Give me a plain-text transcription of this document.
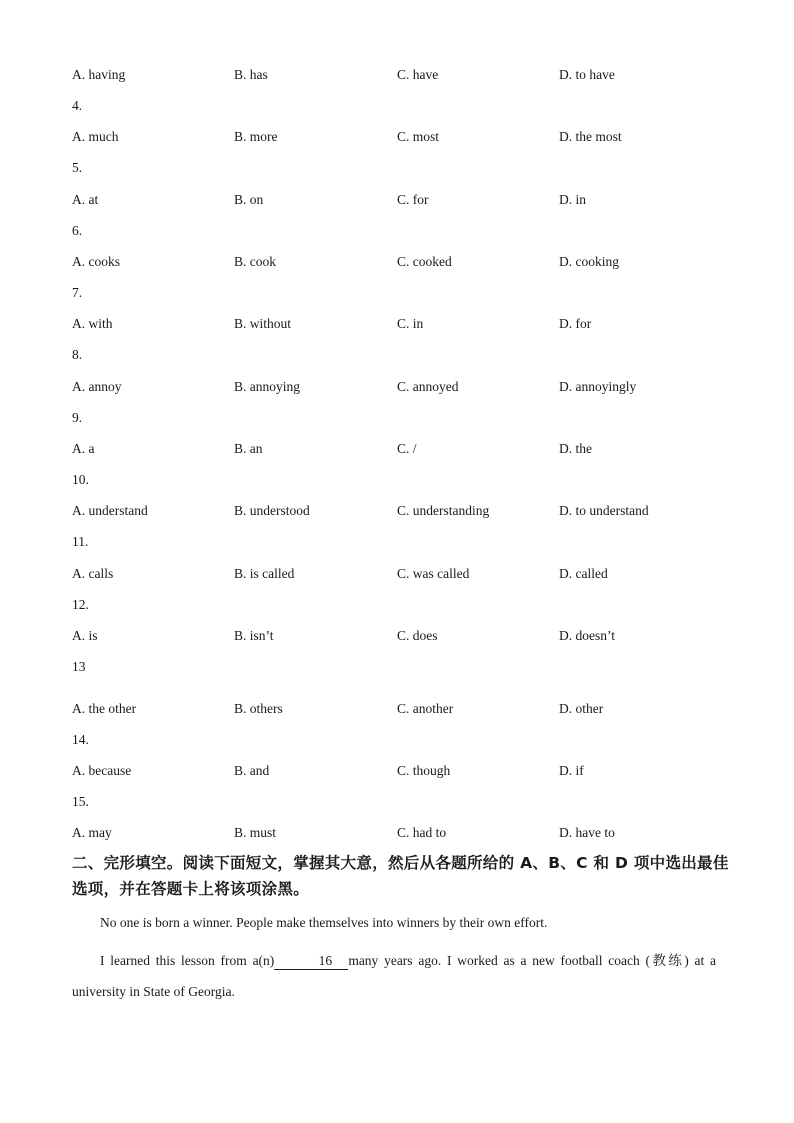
A. having	B. has	C. have	D. to have
4.
A. much	B. more	C. most	D. the most
5.
A. at	B. on	C. for	D. in
6.
A. cooks	B. cook	C. cooked	D. cooking
7.
A. with	B. without	C. in	D. for
8.
A. annoy	B. annoying	C. annoyed	D. annoyingly
9.
A. a	B. an	C. /	D. the
10.
A. understand	B. understood	C. understanding	D. to understand
11.
A. calls	B. is called	C. was called	D. called
12.
A. is	B. isn’t	C. does	D. doesn’t
13
A. the other	B. others	C. another	D. other
14.
A. because	B. and	C. though	D. if
15.
A. may	B. must	C. had to	D. have to
二、完形填空。阅读下面短文，掌握其大意，然后从各题所给的 A、B、C 和 D 项中选出最佳选项，并在答题卡上将该项涂黑。
No one is born a winner. People make themselves into winners by their own effort.
I learned this lesson from a(n)	16 many years ago. I worked as a new football coach (教练) at a university in State of Georgia.
